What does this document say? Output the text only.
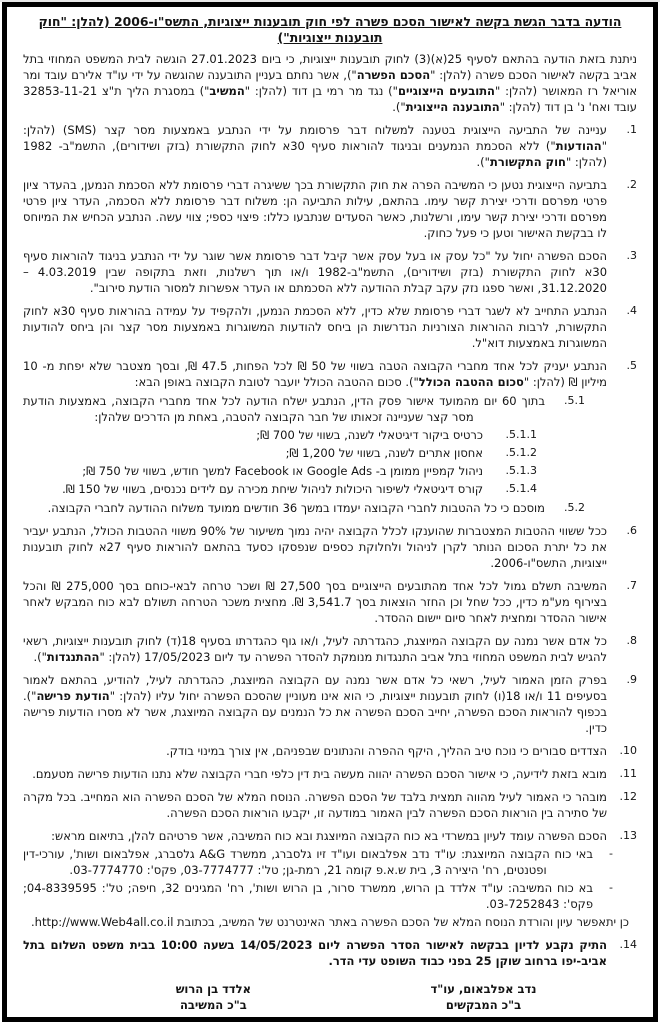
הודעה בדבר הגשת בקשה לאישור הסכם פשרה לפי חוק תובענות ייצוגיות, התשס"ו-2006 (להלן: "חוק תובענות ייצוגיות")
ניתנת בזאת הודעה בהתאם לסעיף 25(א)(3) לחוק תובענות ייצוגיות, כי ביום 27.01.2023 הוגשה לבית המשפט המחוזי בתל אביב בקשה לאישור הסכם פשרה (להלן: "הסכם הפשרה"), אשר נחתם בעניין התובענה שהוגשה על ידי עו"ד אלירם עובד ומר אוריאל רז המאושר (להלן: "התובעים הייצוגיים") נגד מר רמי בן דוד (להלן: "המשיב") במסגרת הליך ת"צ 32853-11-21 עובד ואח' נ' בן דוד (להלן: "התובענה הייצוגית").
1.
עניינה של התביעה הייצוגית בטענה למשלוח דבר פרסומת על ידי הנתבע באמצעות מסר קצר (SMS) (להלן: "ההודעות") ללא הסכמת הנמענים ובניגוד להוראות סעיף 30א לחוק התקשורת (בזק ושידורים), התשמ"ב- 1982 (להלן: "חוק התקשורת").
2.
בתביעה הייצוגית נטען כי המשיבה הפרה את חוק התקשורת בכך ששיגרה דברי פרסומת ללא הסכמת הנמען, בהעדר ציון פרטי מפרסם ודרכי יצירת קשר עימו. בהתאם, עילות התביעה הן: משלוח דבר פרסומת ללא הסכמה, העדר ציון פרטי מפרסם ודרכי יצירת קשר עימו, ורשלנות, כאשר הסעדים שנתבעו כללו: פיצוי כספי; צווי עשה. הנתבע הכחיש את המיוחס לו בבקשת האישור וטען כי פעל כחוק.
3.
הסכם הפשרה יחול על "כל עסק או בעל עסק אשר קיבל דבר פרסומת אשר שוגר על ידי הנתבע בניגוד להוראות סעיף 30א לחוק התקשורת (בזק ושידורים), התשמ"ב-1982 ו/או תוך רשלנות, וזאת בתקופה שבין 4.03.2019 – 31.12.2020, ואשר ספגו נזק עקב קבלת ההודעה ללא הסכמתם או העדר אפשרות למסור הודעת סירוב".
4.
הנתבע התחייב לא לשגר דברי פרסומת שלא כדין, ללא הסכמת הנמען, ולהקפיד על עמידה בהוראות סעיף 30א לחוק התקשורת, לרבות ההוראות הצורניות הנדרשות הן ביחס להודעות המשוגרות באמצעות מסר קצר והן ביחס להודעות המשוגרות באמצעות דוא"ל.
5.
הנתבע יעניק לכל אחד מחברי הקבוצה הטבה בשווי של 50 ₪ לכל הפחות, 47.5 ₪, ובסך מצטבר שלא יפחת מ- 10 מיליון ₪ (להלן: "סכום ההטבה הכולל"). סכום ההטבה הכולל יועבר לטובת הקבוצה באופן הבא:
5.1.
בתוך 60 יום מהמועד אישור פסק הדין, הנתבע ישלח הודעה לכל אחד מחברי הקבוצה, באמצעות הודעת מסר קצר שעניינה זכאותו של חבר הקבוצה להטבה, באחת מן הדרכים שלהלן:
5.1.1.
כרטיס ביקור דיגיטאלי לשנה, בשווי של 700 ₪;
5.1.2.
אחסון אתרים לשנה, בשווי של 1,200 ₪;
5.1.3.
ניהול קמפיין ממומן ב- Google Ads או Facebook למשך חודש, בשווי של 750 ₪;
5.1.4.
קורס דיגיטאלי לשיפור היכולות לניהול שיחת מכירה עם לידים נכנסים, בשווי של 150 ₪.
5.2.
מוסכם כי כל ההטבות לחברי הקבוצה יעמדו במשך 36 חודשים ממועד משלוח ההודעה לחברי הקבוצה.
6.
ככל ששווי ההטבות המצטברות שהוענקו לכלל הקבוצה יהיה נמוך משיעור של 90% משווי ההטבות הכולל, הנתבע יעביר את כל יתרת הסכום הנותר לקרן לניהול ולחלוקת כספים שנפסקו כסעד בהתאם להוראות סעיף 27א לחוק תובענות ייצוגיות, התשס"ו-2006.
7.
המשיבה תשלם גמול לכל אחד מהתובעים הייצוגיים בסך 27,500 ₪ ושכר טרחה לבאי-כוחם בסך 275,000 ₪ והכל בצירוף מע"מ כדין, ככל שחל וכן החזר הוצאות בסך 3,541.7 ₪. מחצית משכר הטרחה תשולם לבא כוח המבקש לאחר אישור ההסדר ומחצית לאחר סיום יישום ההסדר.
8.
כל אדם אשר נמנה עם הקבוצה המיוצגת, כהגדרתה לעיל, ו/או גוף כהגדרתו בסעיף 18(ד) לחוק תובענות ייצוגיות, רשאי להגיש לבית המשפט המחוזי בתל אביב התנגדות מנומקת להסדר הפשרה עד ליום 17/05/2023 (להלן: "ההתנגדות").
9.
בפרק הזמן האמור לעיל, רשאי כל אדם אשר נמנה עם הקבוצה המיוצגת, כהגדרתה לעיל, להודיע, בהתאם לאמור בסעיפים 11 ו/או 18(ו) לחוק תובענות ייצוגיות, כי הוא אינו מעוניין שהסכם הפשרה יחול עליו (להלן: "הודעת פרישה"). בכפוף להוראות הסכם הפשרה, יחייב הסכם הפשרה את כל הנמנים עם הקבוצה המיוצגת, אשר לא מסרו הודעות פרישה כדין.
10.
הצדדים סבורים כי נוכח טיב ההליך, היקף ההפרה והנתונים שבפניהם, אין צורך במינוי בודק.
11.
מובא בזאת לידיעה, כי אישור הסכם הפשרה יהווה מעשה בית דין כלפי חברי הקבוצה שלא נתנו הודעות פרישה מטעמם.
12.
מובהר כי האמור לעיל מהווה תמצית בלבד של הסכם הפשרה. הנוסח המלא של הסכם הפשרה הוא המחייב. בכל מקרה של סתירה בין הוראות הסכם הפשרה לבין האמור במודעה זו, יקבעו הוראות הסכם הפשרה.
13.
הסכם הפשרה עומד לעיון במשרדי בא כוח הקבוצה המיוצגת ובא כוח המשיבה, אשר פרטיהם להלן, בתיאום מראש:
-
באי כוח הקבוצה המיוצגת: עו"ד נדב אפלבאום ועו"ד זיו גלסברג, ממשרד A&G גלסברג, אפלבאום ושות', עורכי-דין ופטנטים, רח' היצירה 3, בית ש.א.פ קומה 21, רמת-גן; טל': 03-7774777, פקס': 03-7774770.
-
בא כוח המשיבה: עו"ד אלדד בן הרוש, ממשרד סרור, בן הרוש ושות', רח' המגינים 32, חיפה; טל': 04-8339595; פקס': 03-7252843.
כן יתאפשר עיון והורדת הנוסח המלא של הסכם הפשרה באתר האינטרנט של המשיב, בכתובת http://www.Web4all.co.il.
14.
התיק נקבע לדיון בבקשה לאישור הסדר הפשרה ליום 14/05/2023 בשעה 10:00 בבית משפט השלום בתל אביב-יפו ברחוב שוקן 25 בפני כבוד השופט עדי הדר.
נדב אפלבאום, עו"ד
ב"כ המבקשים
אלדד בן הרוש
ב"כ המשיבה
